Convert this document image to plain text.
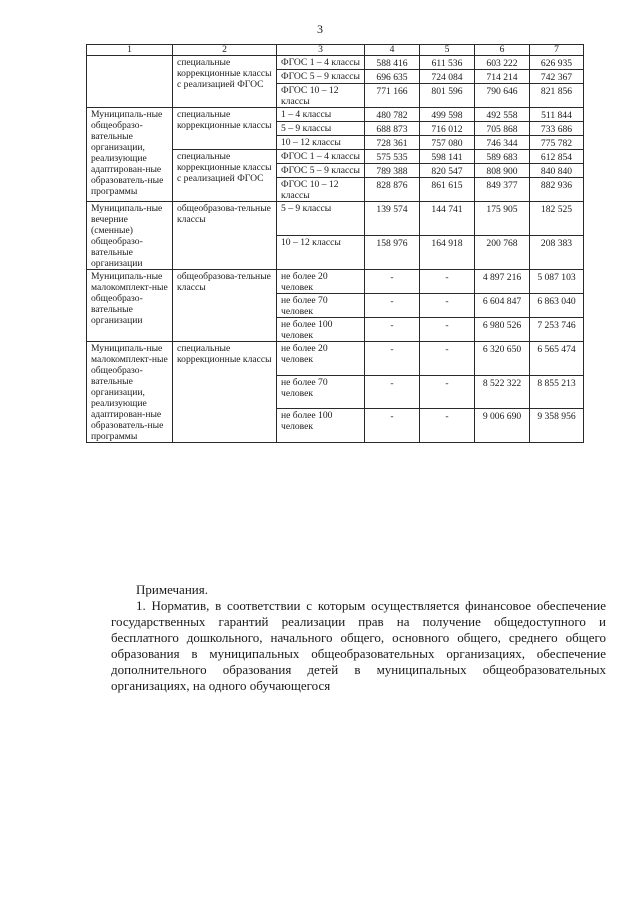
3
1	2	3	4	5	6	7
	специальные коррекционные классы с реализацией ФГОС	ФГОС 1 – 4 классы	588 416	611 536	603 222	626 935
		ФГОС 5 – 9 классы	696 635	724 084	714 214	742 367
		ФГОС 10 – 12 классы	771 166	801 596	790 646	821 856
Муниципаль-ные общеобразо-вательные организации, реализующие адаптирован-ные образователь-ные программы	специальные коррекционные классы	1 – 4 классы	480 782	499 598	492 558	511 844
		5 – 9 классы	688 873	716 012	705 868	733 686
		10 – 12 классы	728 361	757 080	746 344	775 782
	специальные коррекционные классы с реализацией ФГОС	ФГОС 1 – 4 классы	575 535	598 141	589 683	612 854
		ФГОС 5 – 9 классы	789 388	820 547	808 900	840 840
		ФГОС 10 – 12 классы	828 876	861 615	849 377	882 936
Муниципаль-ные вечерние (сменные) общеобразо-вательные организации	общеобразова-тельные классы	5 – 9 классы	139 574	144 741	175 905	182 525
		10 – 12 классы	158 976	164 918	200 768	208 383
Муниципаль-ные малокомплект-ные общеобразо-вательные организации	общеобразова-тельные классы	не более 20 человек	-	-	4 897 216	5 087 103
		не более 70 человек	-	-	6 604 847	6 863 040
		не более 100 человек	-	-	6 980 526	7 253 746
Муниципаль-ные малокомплект-ные общеобразо-вательные организации, реализующие адаптирован-ные образователь-ные программы	специальные коррекционные классы	не более 20 человек	-	-	6 320 650	6 565 474
		не более 70 человек	-	-	8 522 322	8 855 213
		не более 100 человек	-	-	9 006 690	9 358 956

Примечания.

1. Норматив, в соответствии с которым осуществляется финансовое обеспечение государственных гарантий реализации прав на получение общедоступного и бесплатного дошкольного, начального общего, основного общего, среднего общего образования в муниципальных общеобразовательных организациях, обеспечение дополнительного образования детей в муниципальных общеобразовательных организациях, на одного обучающегося
